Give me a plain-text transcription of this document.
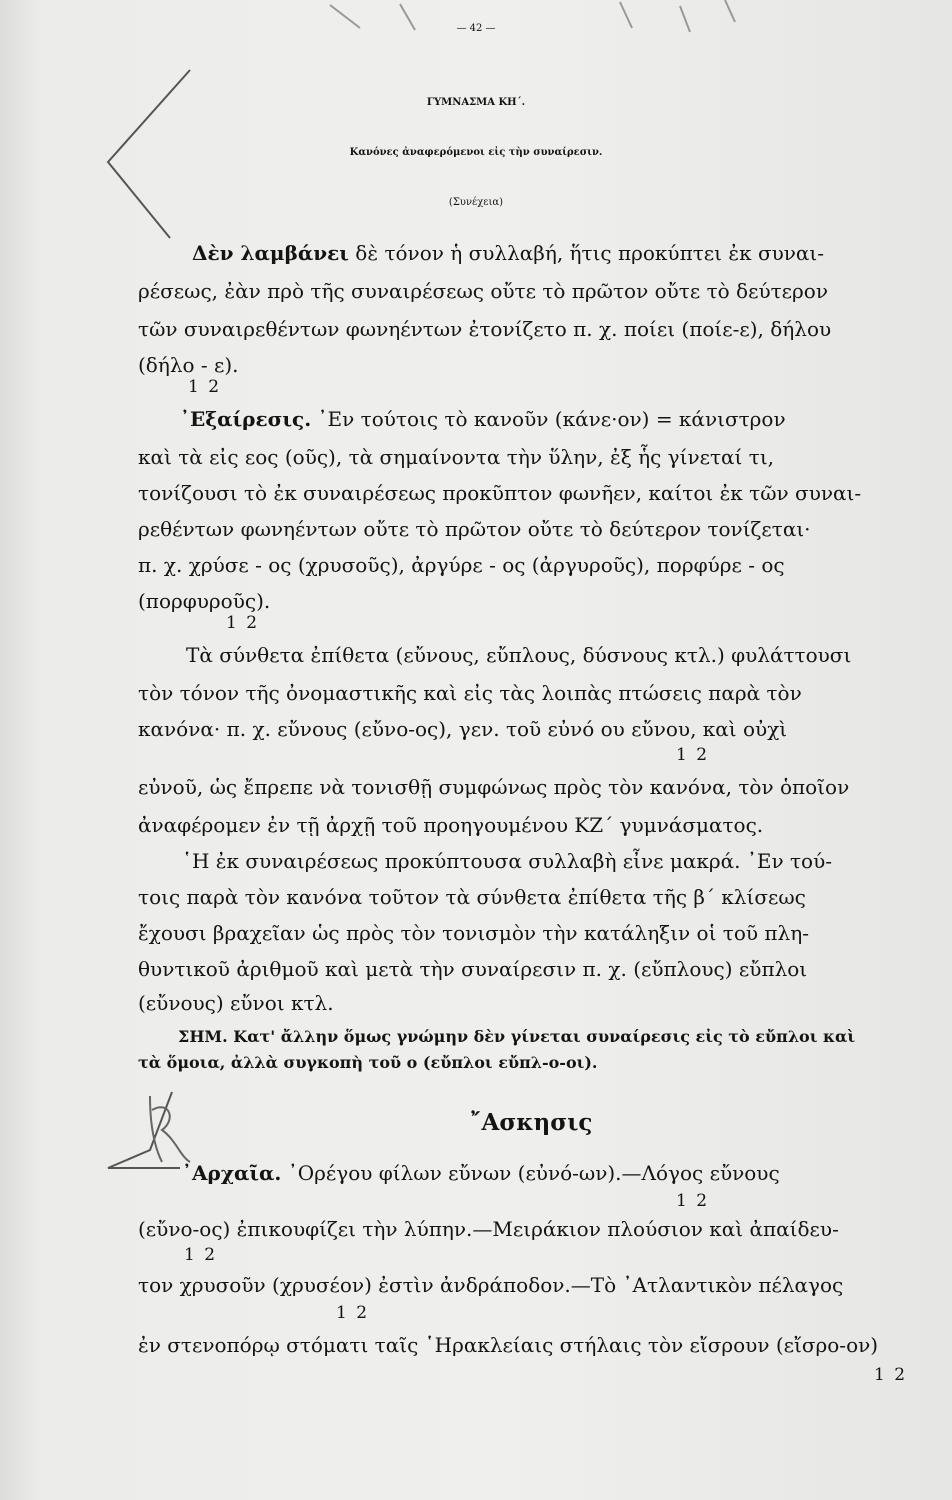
— 42 —
ΓΥΜΝΑΣΜΑ ΚΗ΄.
Κανόνες ἀναφερόμενοι εἰς τὴν συναίρεσιν.
(Συνέχεια)
Δὲν λαμβάνει δὲ τόνον ἡ συλλαβή, ἥτις προκύπτει ἐκ συναι-
ρέσεως, ἐὰν πρὸ τῆς συναιρέσεως οὔτε τὸ πρῶτον οὔτε τὸ δεύτερον
τῶν συναιρεθέντων φωνηέντων ἐτονίζετο π. χ. ποίει (ποίε-ε), δήλου
(δήλο - ε).
1 2
᾿Εξαίρεσις. ᾿Εν τούτοις τὸ κανοῦν (κάνε·ον) = κάνιστρον
καὶ τὰ εἰς εος (οῦς), τὰ σημαίνοντα τὴν ὕλην, ἐξ ἧς γίνεταί τι,
τονίζουσι τὸ ἐκ συναιρέσεως προκῦπτον φωνῆεν, καίτοι ἐκ τῶν συναι-
ρεθέντων φωνηέντων οὔτε τὸ πρῶτον οὔτε τὸ δεύτερον τονίζεται·
π. χ. χρύσε - ος (χρυσοῦς), ἀργύρε - ος (ἀργυροῦς), πορφύρε - ος
(πορφυροῦς).
1 2
Τὰ σύνθετα ἐπίθετα (εὔνους, εὔπλους, δύσνους κτλ.) φυλάττουσι
τὸν τόνον τῆς ὀνομαστικῆς καὶ εἰς τὰς λοιπὰς πτώσεις παρὰ τὸν
κανόνα· π. χ. εὔνους (εὔνο-ος), γεν. τοῦ εὐνό ου εὔνου, καὶ οὐχὶ
1 2
εὐνοῦ, ὡς ἔπρεπε νὰ τονισθῇ συμφώνως πρὸς τὸν κανόνα, τὸν ὁποῖον
ἀναφέρομεν ἐν τῇ ἀρχῇ τοῦ προηγουμένου ΚΖ΄ γυμνάσματος.
῾Η ἐκ συναιρέσεως προκύπτουσα συλλαβὴ εἶνε μακρά. ᾿Εν τού-
τοις παρὰ τὸν κανόνα τοῦτον τὰ σύνθετα ἐπίθετα τῆς β΄ κλίσεως
ἔχουσι βραχεῖαν ὡς πρὸς τὸν τονισμὸν τὴν κατάληξιν οἱ τοῦ πλη-
θυντικοῦ ἀριθμοῦ καὶ μετὰ τὴν συναίρεσιν π. χ. (εὔπλους) εὔπλοι
(εὔνους) εὔνοι κτλ.
ΣΗΜ. Κατ' ἄλλην ὅμως γνώμην δὲν γίνεται συναίρεσις εἰς τὸ εὔπλοι καὶ
τὰ ὅμοια, ἀλλὰ συγκοπὴ τοῦ ο (εὔπλοι εὔπλ-ο-οι).
῎Ασκησις
᾿Αρχαῖα. ᾿Ορέγου φίλων εὔνων (εὐνό-ων).—Λόγος εὔνους
1 2
(εὔνο-ος) ἐπικουφίζει τὴν λύπην.—Μειράκιον πλούσιον καὶ ἀπαίδευ-
1 2
τον χρυσοῦν (χρυσέον) ἐστὶν ἀνδράποδον.—Τὸ ᾿Ατλαντικὸν πέλαγος
1 2
ἐν στενοπόρῳ στόματι ταῖς ῾Ηρακλείαις στήλαις τὸν εἴσρουν (εἴσρο-ον)
1 2
